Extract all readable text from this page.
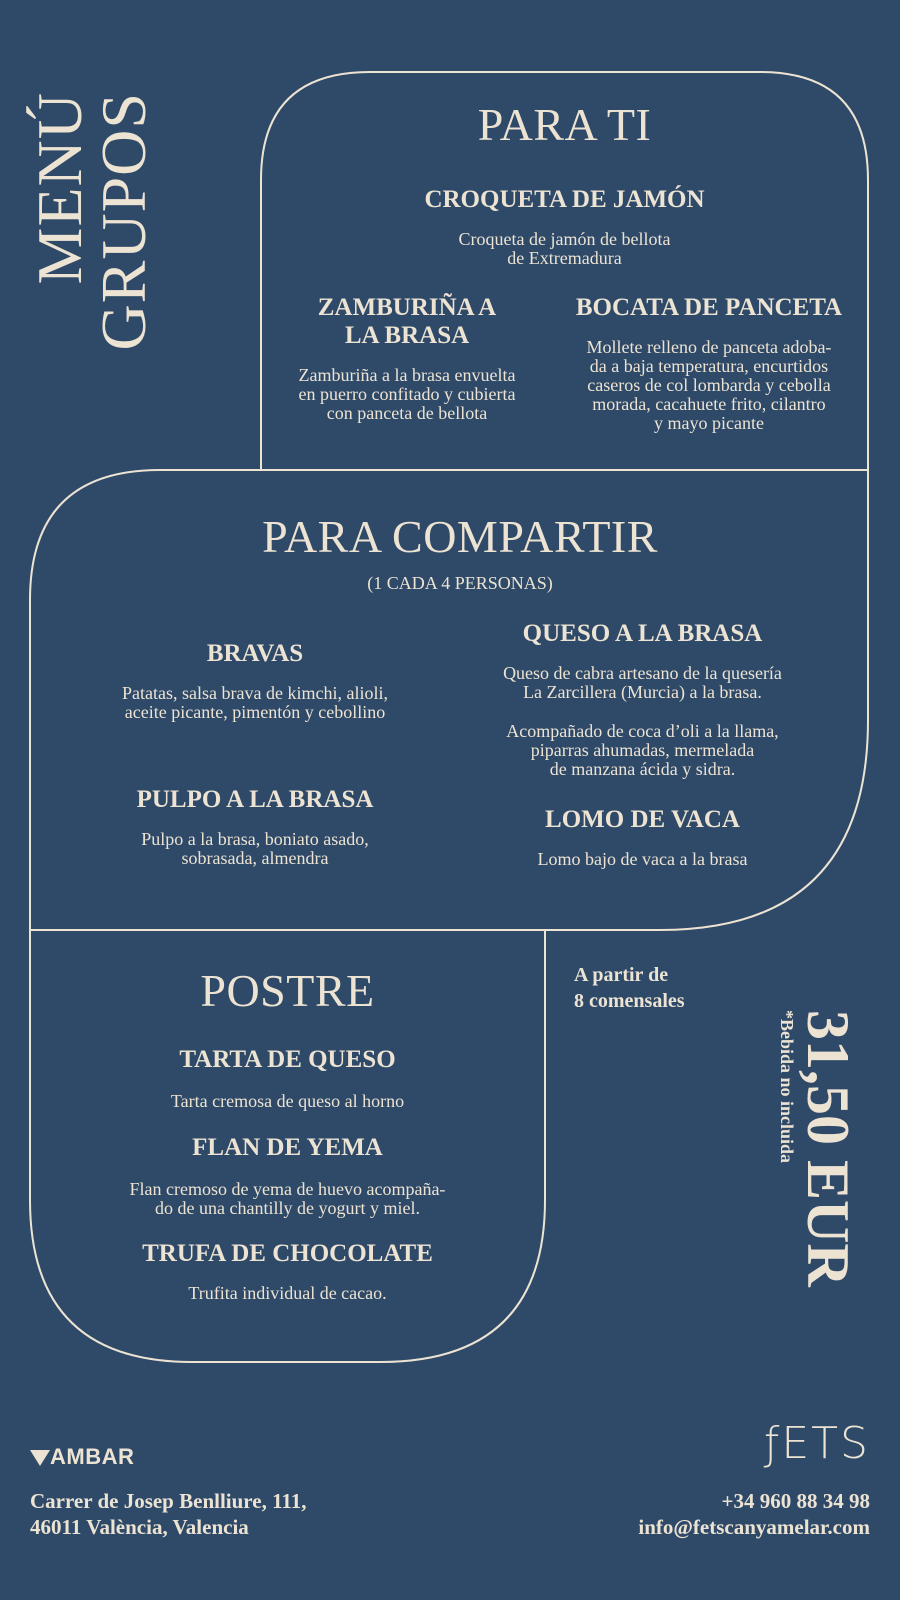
MENÚ
GRUPOS	PARA TI
CROQUETA DE JAMÓN
Croqueta de jamón de bellota
de Extremadura
ZAMBURIÑA A
LA BRASA
Zamburiña a la brasa envuelta
en puerro confitado y cubierta
con panceta de bellota
BOCATA DE PANCETA
Mollete relleno de panceta adoba-
da a baja temperatura, encurtidos
caseros de col lombarda y cebolla
morada, cacahuete frito, cilantro
y mayo picante
PARA COMPARTIR
(1 CADA 4 PERSONAS)
BRAVAS
Patatas, salsa brava de kimchi, alioli,
aceite picante, pimentón y cebollino
QUESO A LA BRASA
Queso de cabra artesano de la quesería
La Zarcillera (Murcia) a la brasa.
Acompañado de coca d’oli a la llama,
piparras ahumadas, mermelada
de manzana ácida y sidra.
PULPO A LA BRASA
Pulpo a la brasa, boniato asado,
sobrasada, almendra
LOMO DE VACA
Lomo bajo de vaca a la brasa
POSTRE
TARTA DE QUESO
Tarta cremosa de queso al horno
FLAN DE YEMA
Flan cremoso de yema de huevo acompaña-
do de una chantilly de yogurt y miel.
TRUFA DE CHOCOLATE
Trufita individual de cacao.
A partir de
8 comensales
31,50 EUR
*Bebida no incluida
AMBAR
Carrer de Josep Benlliure, 111,
46011 València, Valencia
ƒETS
+34 960 88 34 98
info@fetscanyamelar.com
